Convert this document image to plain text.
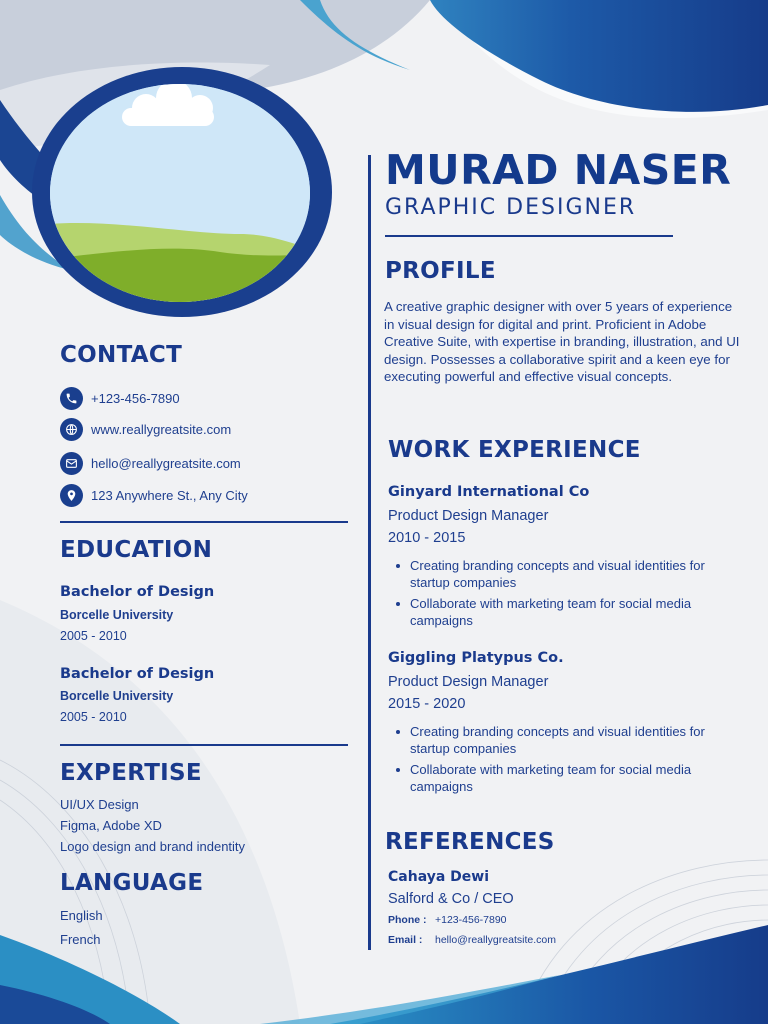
MURAD NASER
GRAPHIC DESIGNER
PROFILE
A creative graphic designer with over 5 years of experience in visual design for digital and print. Proficient in Adobe Creative Suite, with expertise in branding, illustration, and UI design. Possesses a collaborative spirit and a keen eye for executing powerful and effective visual concepts.
CONTACT
+123-456-7890
www.reallygreatsite.com
hello@reallygreatsite.com
123 Anywhere St., Any City
EDUCATION
Bachelor of Design
Borcelle University
2005 - 2010
Bachelor of Design
Borcelle University
2005 - 2010
EXPERTISE
UI/UX Design
Figma, Adobe XD
Logo design and brand indentity
LANGUAGE
English
French
WORK EXPERIENCE
Ginyard International Co
Product Design Manager
2010 - 2015
Creating branding concepts and visual identities for startup companies
Collaborate with marketing team for social media campaigns
Giggling Platypus Co.
Product Design Manager
2015 - 2020
Creating branding concepts and visual identities for startup companies
Collaborate with marketing team for social media campaigns
REFERENCES
Cahaya Dewi
Salford & Co / CEO
Phone : +123-456-7890
Email :	hello@reallygreatsite.com
